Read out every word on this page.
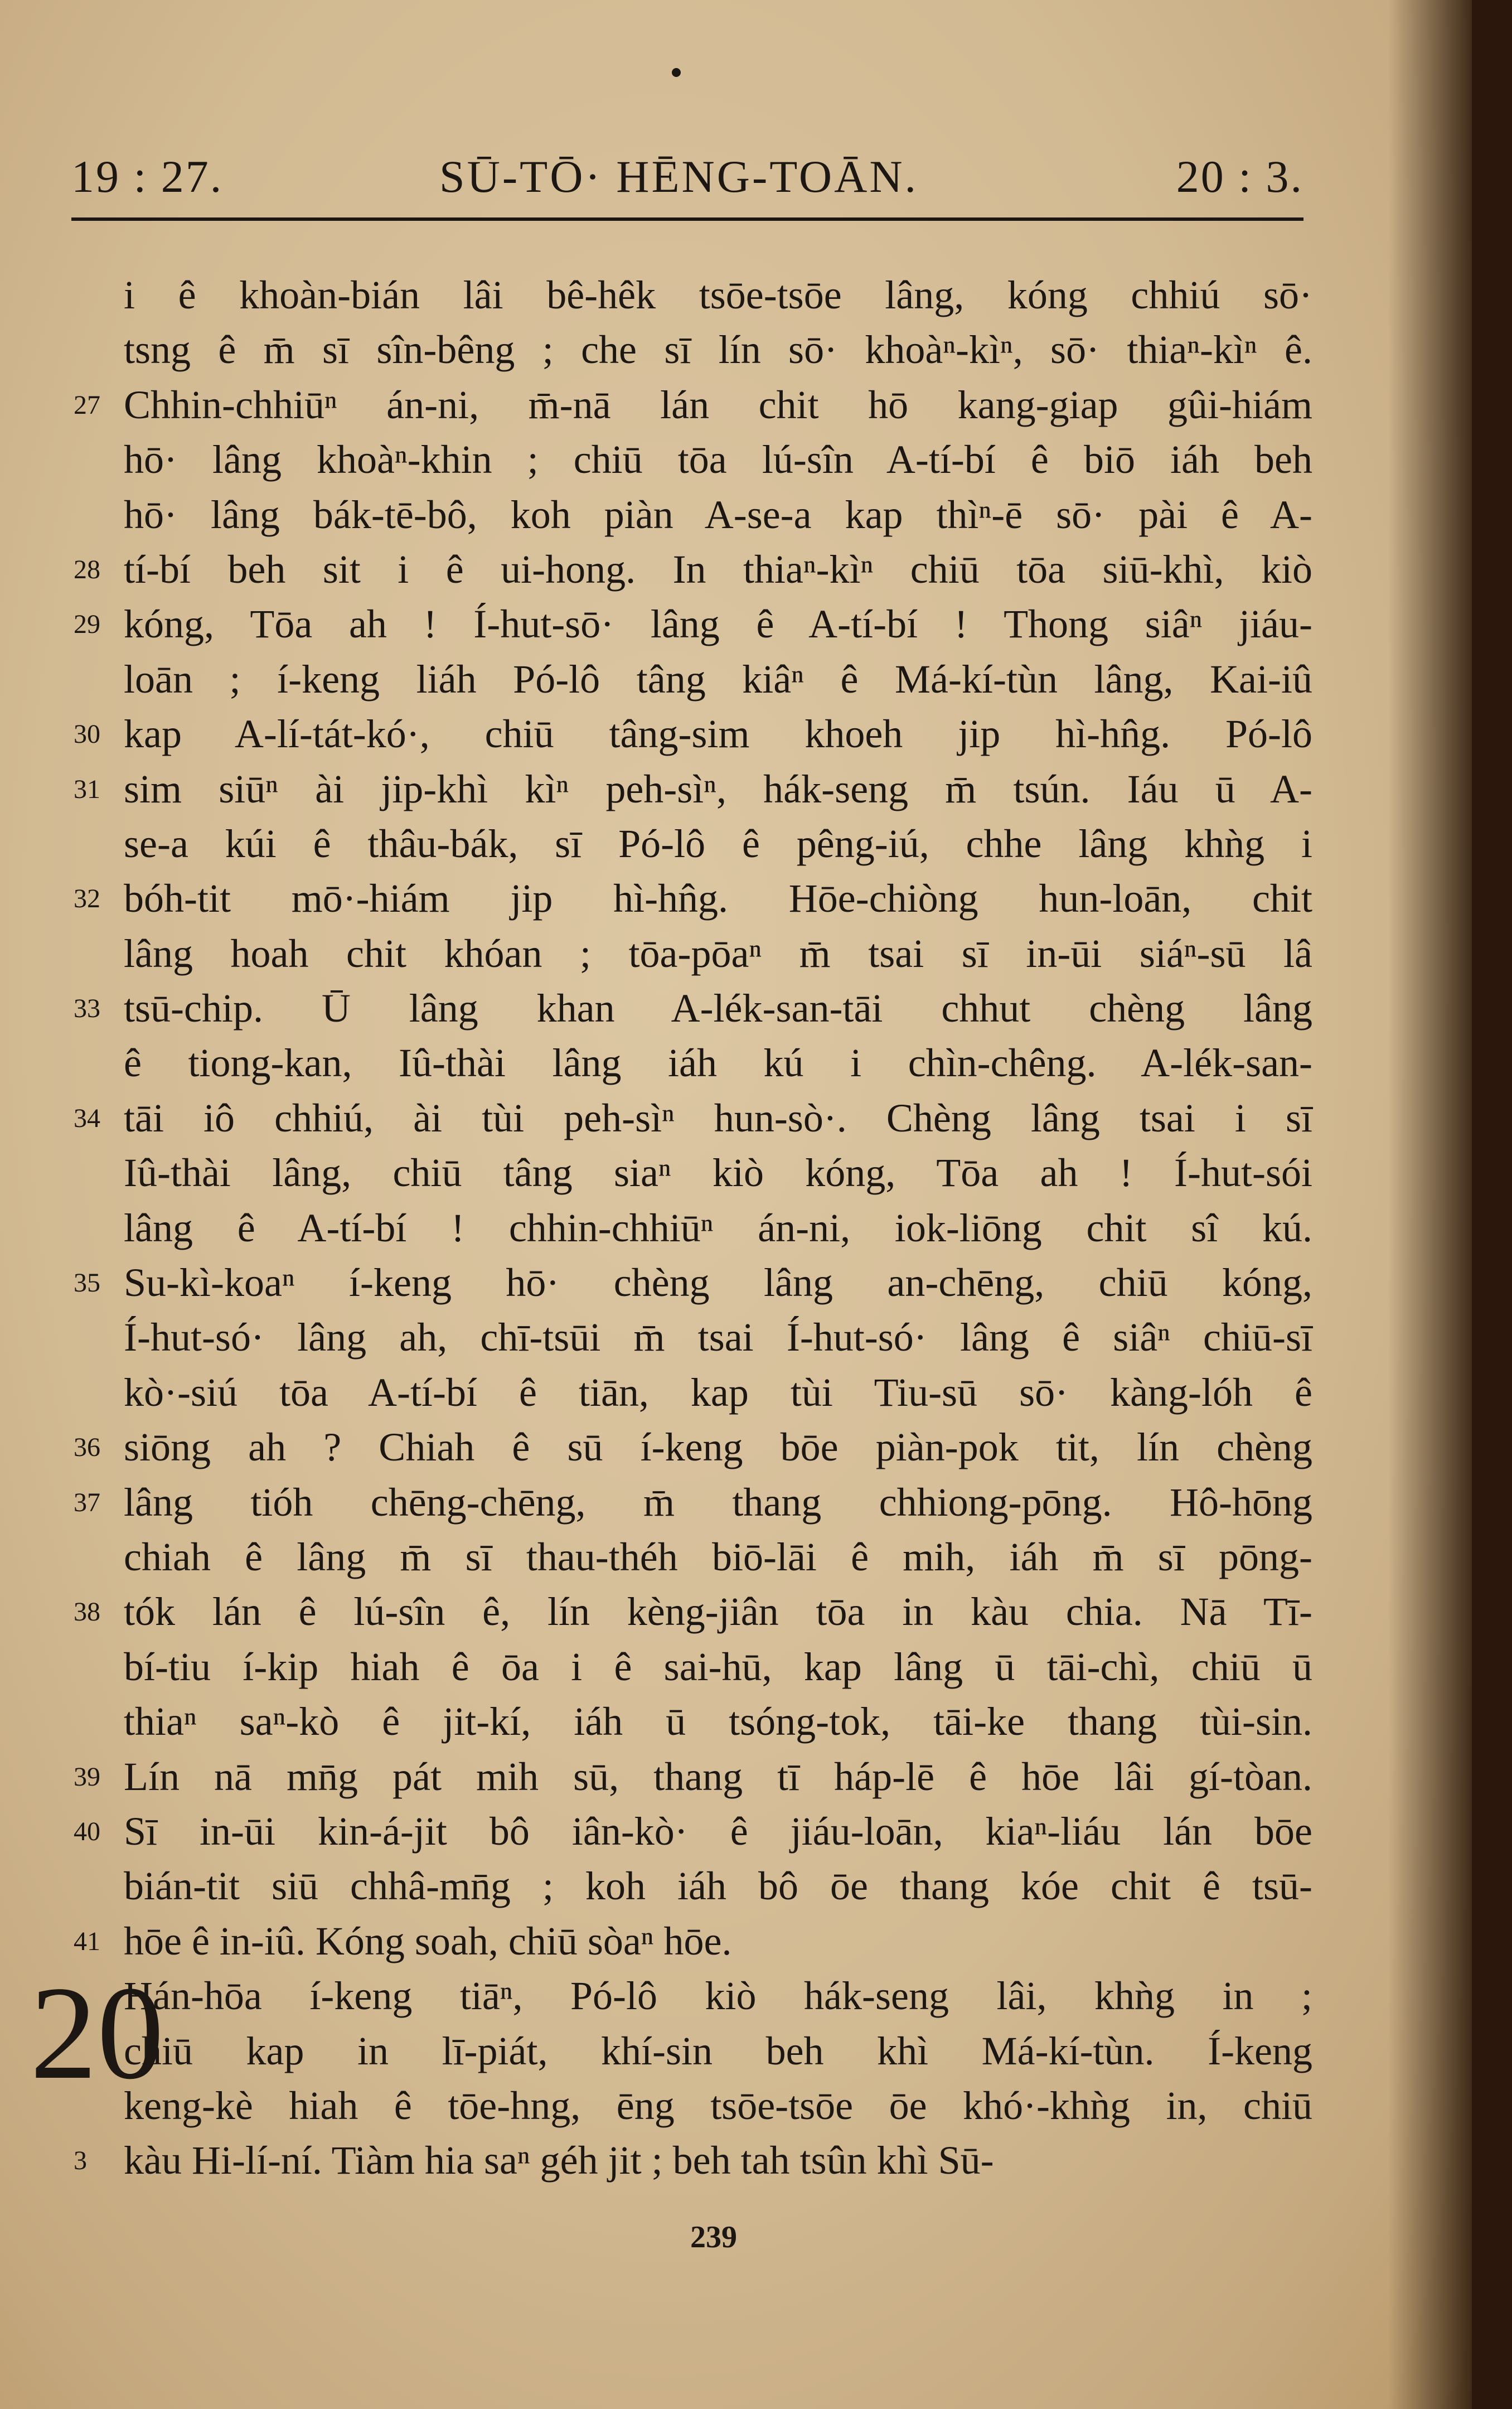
19 : 27.	SŪ-TŌ· HĒNG-TOĀN.	20 : 3.
20
i ê khoàn-bián lâi bê-hêk tsōe-tsōe lâng, kóng chhiú sō·
tsng ê m̄ sī sîn-bêng ; che sī lín sō· khoàⁿ-kìⁿ, sō· thiaⁿ-kìⁿ ê.
27 Chhin-chhiūⁿ án-ni, m̄-nā lán chit hō kang-giap gûi-hiám
hō· lâng khoàⁿ-khin ; chiū tōa lú-sîn A-tí-bí ê biō iáh beh
hō· lâng bák-tē-bô, koh piàn A-se-a kap thìⁿ-ē sō· pài ê A-
28 tí-bí beh sit i ê ui-hong. In thiaⁿ-kìⁿ chiū tōa siū-khì, kiò
29 kóng, Tōa ah ! Í-hut-sō· lâng ê A-tí-bí ! Thong siâⁿ jiáu-
loān ; í-keng liáh Pó-lô tâng kiâⁿ ê Má-kí-tùn lâng, Kai-iû
30 kap A-lí-tát-kó·, chiū tâng-sim khoeh jip hì-hn̂g. Pó-lô
31 sim siūⁿ ài jip-khì kìⁿ peh-sìⁿ, hák-seng m̄ tsún. Iáu ū A-
se-a kúi ê thâu-bák, sī Pó-lô ê pêng-iú, chhe lâng khǹg i
32 bóh-tit mō·-hiám jip hì-hn̂g. Hōe-chiòng hun-loān, chit
lâng hoah chit khóan ; tōa-pōaⁿ m̄ tsai sī in-ūi siáⁿ-sū lâ
33 tsū-chip. Ū lâng khan A-lék-san-tāi chhut chèng lâng
ê tiong-kan, Iû-thài lâng iáh kú i chìn-chêng. A-lék-san-
34 tāi iô chhiú, ài tùi peh-sìⁿ hun-sò·. Chèng lâng tsai i sī
Iû-thài lâng, chiū tâng siaⁿ kiò kóng, Tōa ah ! Í-hut-sói
lâng ê A-tí-bí ! chhin-chhiūⁿ án-ni, iok-liōng chit sî kú.
35 Su-kì-koaⁿ í-keng hō· chèng lâng an-chēng, chiū kóng,
Í-hut-só· lâng ah, chī-tsūi m̄ tsai Í-hut-só· lâng ê siâⁿ chiū-sī
kò·-siú tōa A-tí-bí ê tiān, kap tùi Tiu-sū sō· kàng-lóh ê
36 siōng ah ? Chiah ê sū í-keng bōe piàn-pok tit, lín chèng
37 lâng tióh chēng-chēng, m̄ thang chhiong-pōng. Hô-hōng
chiah ê lâng m̄ sī thau-théh biō-lāi ê mih, iáh m̄ sī pōng-
38 tók lán ê lú-sîn ê, lín kèng-jiân tōa in kàu chia. Nā Tī-
bí-tiu í-kip hiah ê ōa i ê sai-hū, kap lâng ū tāi-chì, chiū ū
thiaⁿ saⁿ-kò ê jit-kí, iáh ū tsóng-tok, tāi-ke thang tùi-sin.
39 Lín nā mn̄g pát mih sū, thang tī háp-lē ê hōe lâi gí-tòan.
40 Sī in-ūi kin-á-jit bô iân-kò· ê jiáu-loān, kiaⁿ-liáu lán bōe
bián-tit siū chhâ-mn̄g ; koh iáh bô ōe thang kóe chit ê tsū-
41 hōe ê in-iû. Kóng soah, chiū sòaⁿ hōe.
Hán-hōa í-keng tiāⁿ, Pó-lô kiò hák-seng lâi, khǹg in ;
chiū kap in lī-piát, khí-sin beh khì Má-kí-tùn. Í-keng
keng-kè hiah ê tōe-hng, ēng tsōe-tsōe ōe khó·-khǹg in, chiū
3 kàu Hi-lí-ní. Tiàm hia saⁿ géh jit ; beh tah tsûn khì Sū-
239
